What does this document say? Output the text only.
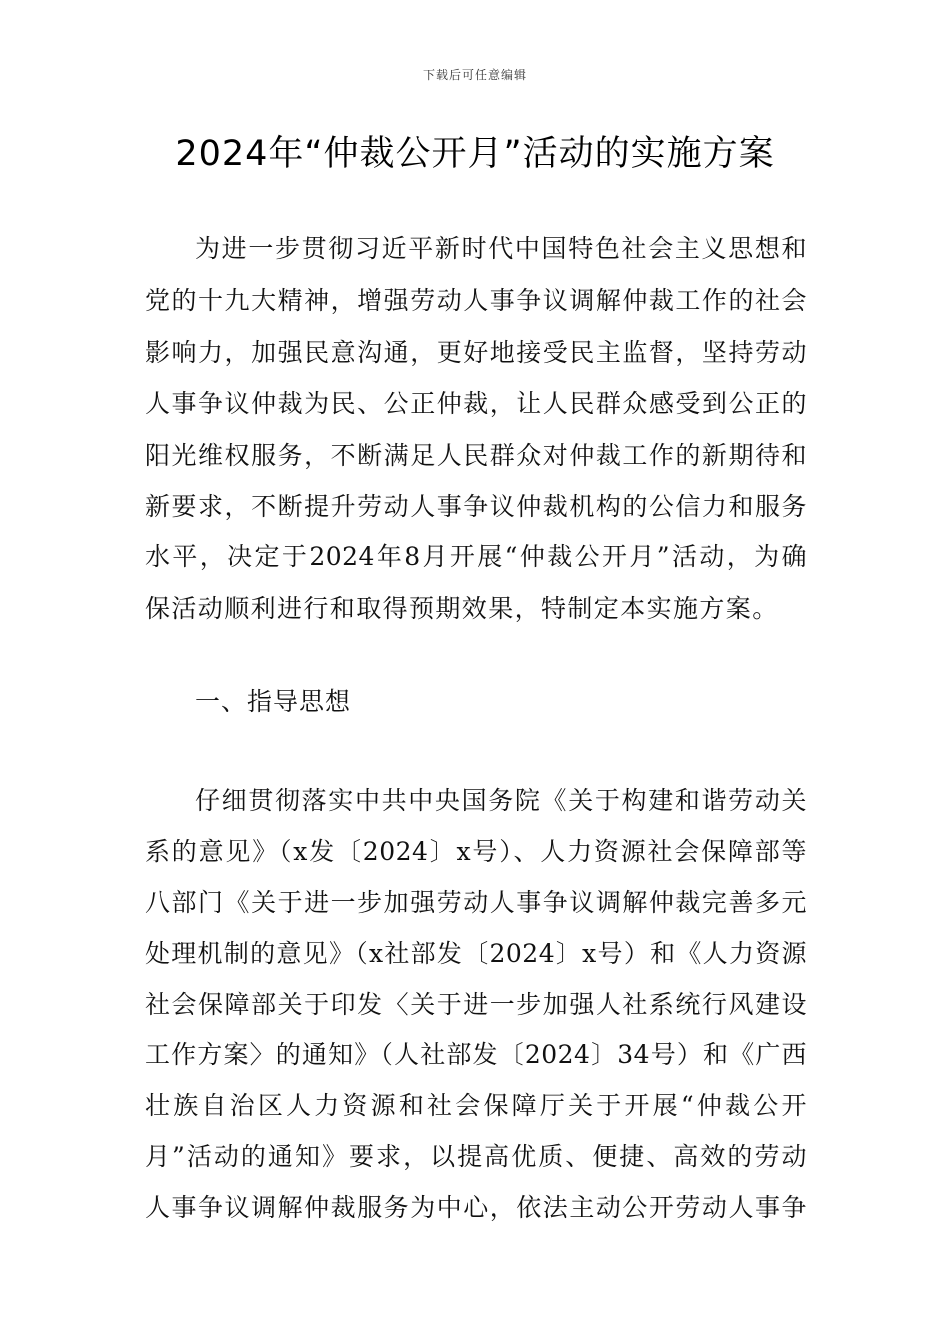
下载后可任意编辑
2024年“仲裁公开月”活动的实施方案
为进一步贯彻习近平新时代中国特色社会主义思想和
党的十九大精神，增强劳动人事争议调解仲裁工作的社会
影响力，加强民意沟通，更好地接受民主监督，坚持劳动
人事争议仲裁为民、公正仲裁，让人民群众感受到公正的
阳光维权服务，不断满足人民群众对仲裁工作的新期待和
新要求，不断提升劳动人事争议仲裁机构的公信力和服务
水平，决定于2024年8月开展“仲裁公开月”活动，为确
保活动顺利进行和取得预期效果，特制定本实施方案。
一、指导思想
仔细贯彻落实中共中央国务院《关于构建和谐劳动关
系的意见》（x发〔2024〕x号）、人力资源社会保障部等
八部门《关于进一步加强劳动人事争议调解仲裁完善多元
处理机制的意见》（x社部发〔2024〕x号）和《人力资源
社会保障部关于印发〈关于进一步加强人社系统行风建设
工作方案〉的通知》（人社部发〔2024〕34号）和《广西
壮族自治区人力资源和社会保障厅关于开展“仲裁公开
月”活动的通知》要求，以提高优质、便捷、高效的劳动
人事争议调解仲裁服务为中心，依法主动公开劳动人事争
